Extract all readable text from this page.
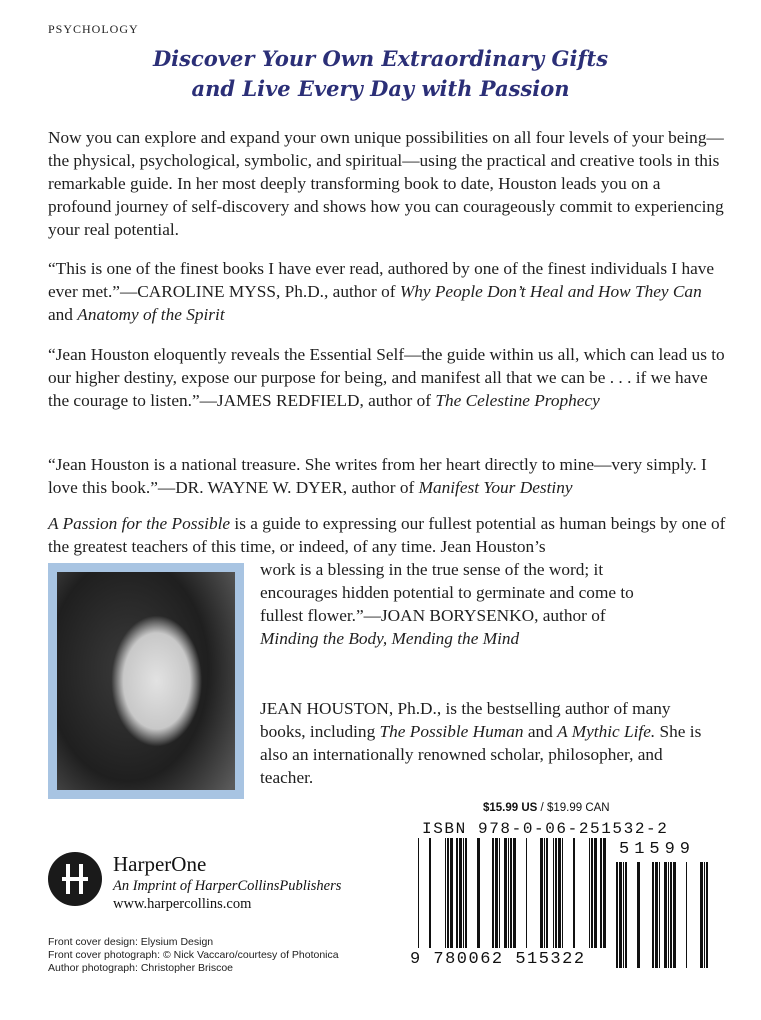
PSYCHOLOGY
Discover Your Own Extraordinary Gifts
and Live Every Day with Passion

Now you can explore and expand your own unique possibilities on all four levels of your being—the physical, psychological, symbolic, and spiritual—using the practical and creative tools in this remarkable guide. In her most deeply transforming book to date, Houston leads you on a profound journey of self-discovery and shows how you can courageously commit to experiencing your real potential.

“This is one of the finest books I have ever read, authored by one of the finest individuals I have ever met.”—CAROLINE MYSS, Ph.D., author of Why People Don’t Heal and How They Can and Anatomy of the Spirit

“Jean Houston eloquently reveals the Essential Self—the guide within us all, which can lead us to our higher destiny, expose our purpose for being, and manifest all that we can be . . . if we have the courage to listen.”—JAMES REDFIELD, author of The Celestine Prophecy

“Jean Houston is a national treasure. She writes from her heart directly to mine—very simply. I love this book.”—DR. WAYNE W. DYER, author of Manifest Your Destiny

A Passion for the Possible is a guide to expressing our fullest potential as human beings by one of the greatest teachers of this time, or indeed, of any time. Jean Houston’s
work is a blessing in the true sense of the word; it
encourages hidden potential to germinate and come to
fullest flower.”—JOAN BORYSENKO, author of
Minding the Body, Mending the Mind

JEAN HOUSTON, Ph.D., is the bestselling author of many books, including The Possible Human and A Mythic Life. She is also an internationally renowned scholar, philosopher, and teacher.

HarperOne
An Imprint of HarperCollinsPublishers
www.harpercollins.com
Front cover design: Elysium Design
Front cover photograph: © Nick Vaccaro/courtesy of Photonica
Author photograph: Christopher Briscoe
$15.99 US / $19.99 CAN
ISBN 978-0-06-251532-2
51599
9 780062 515322
